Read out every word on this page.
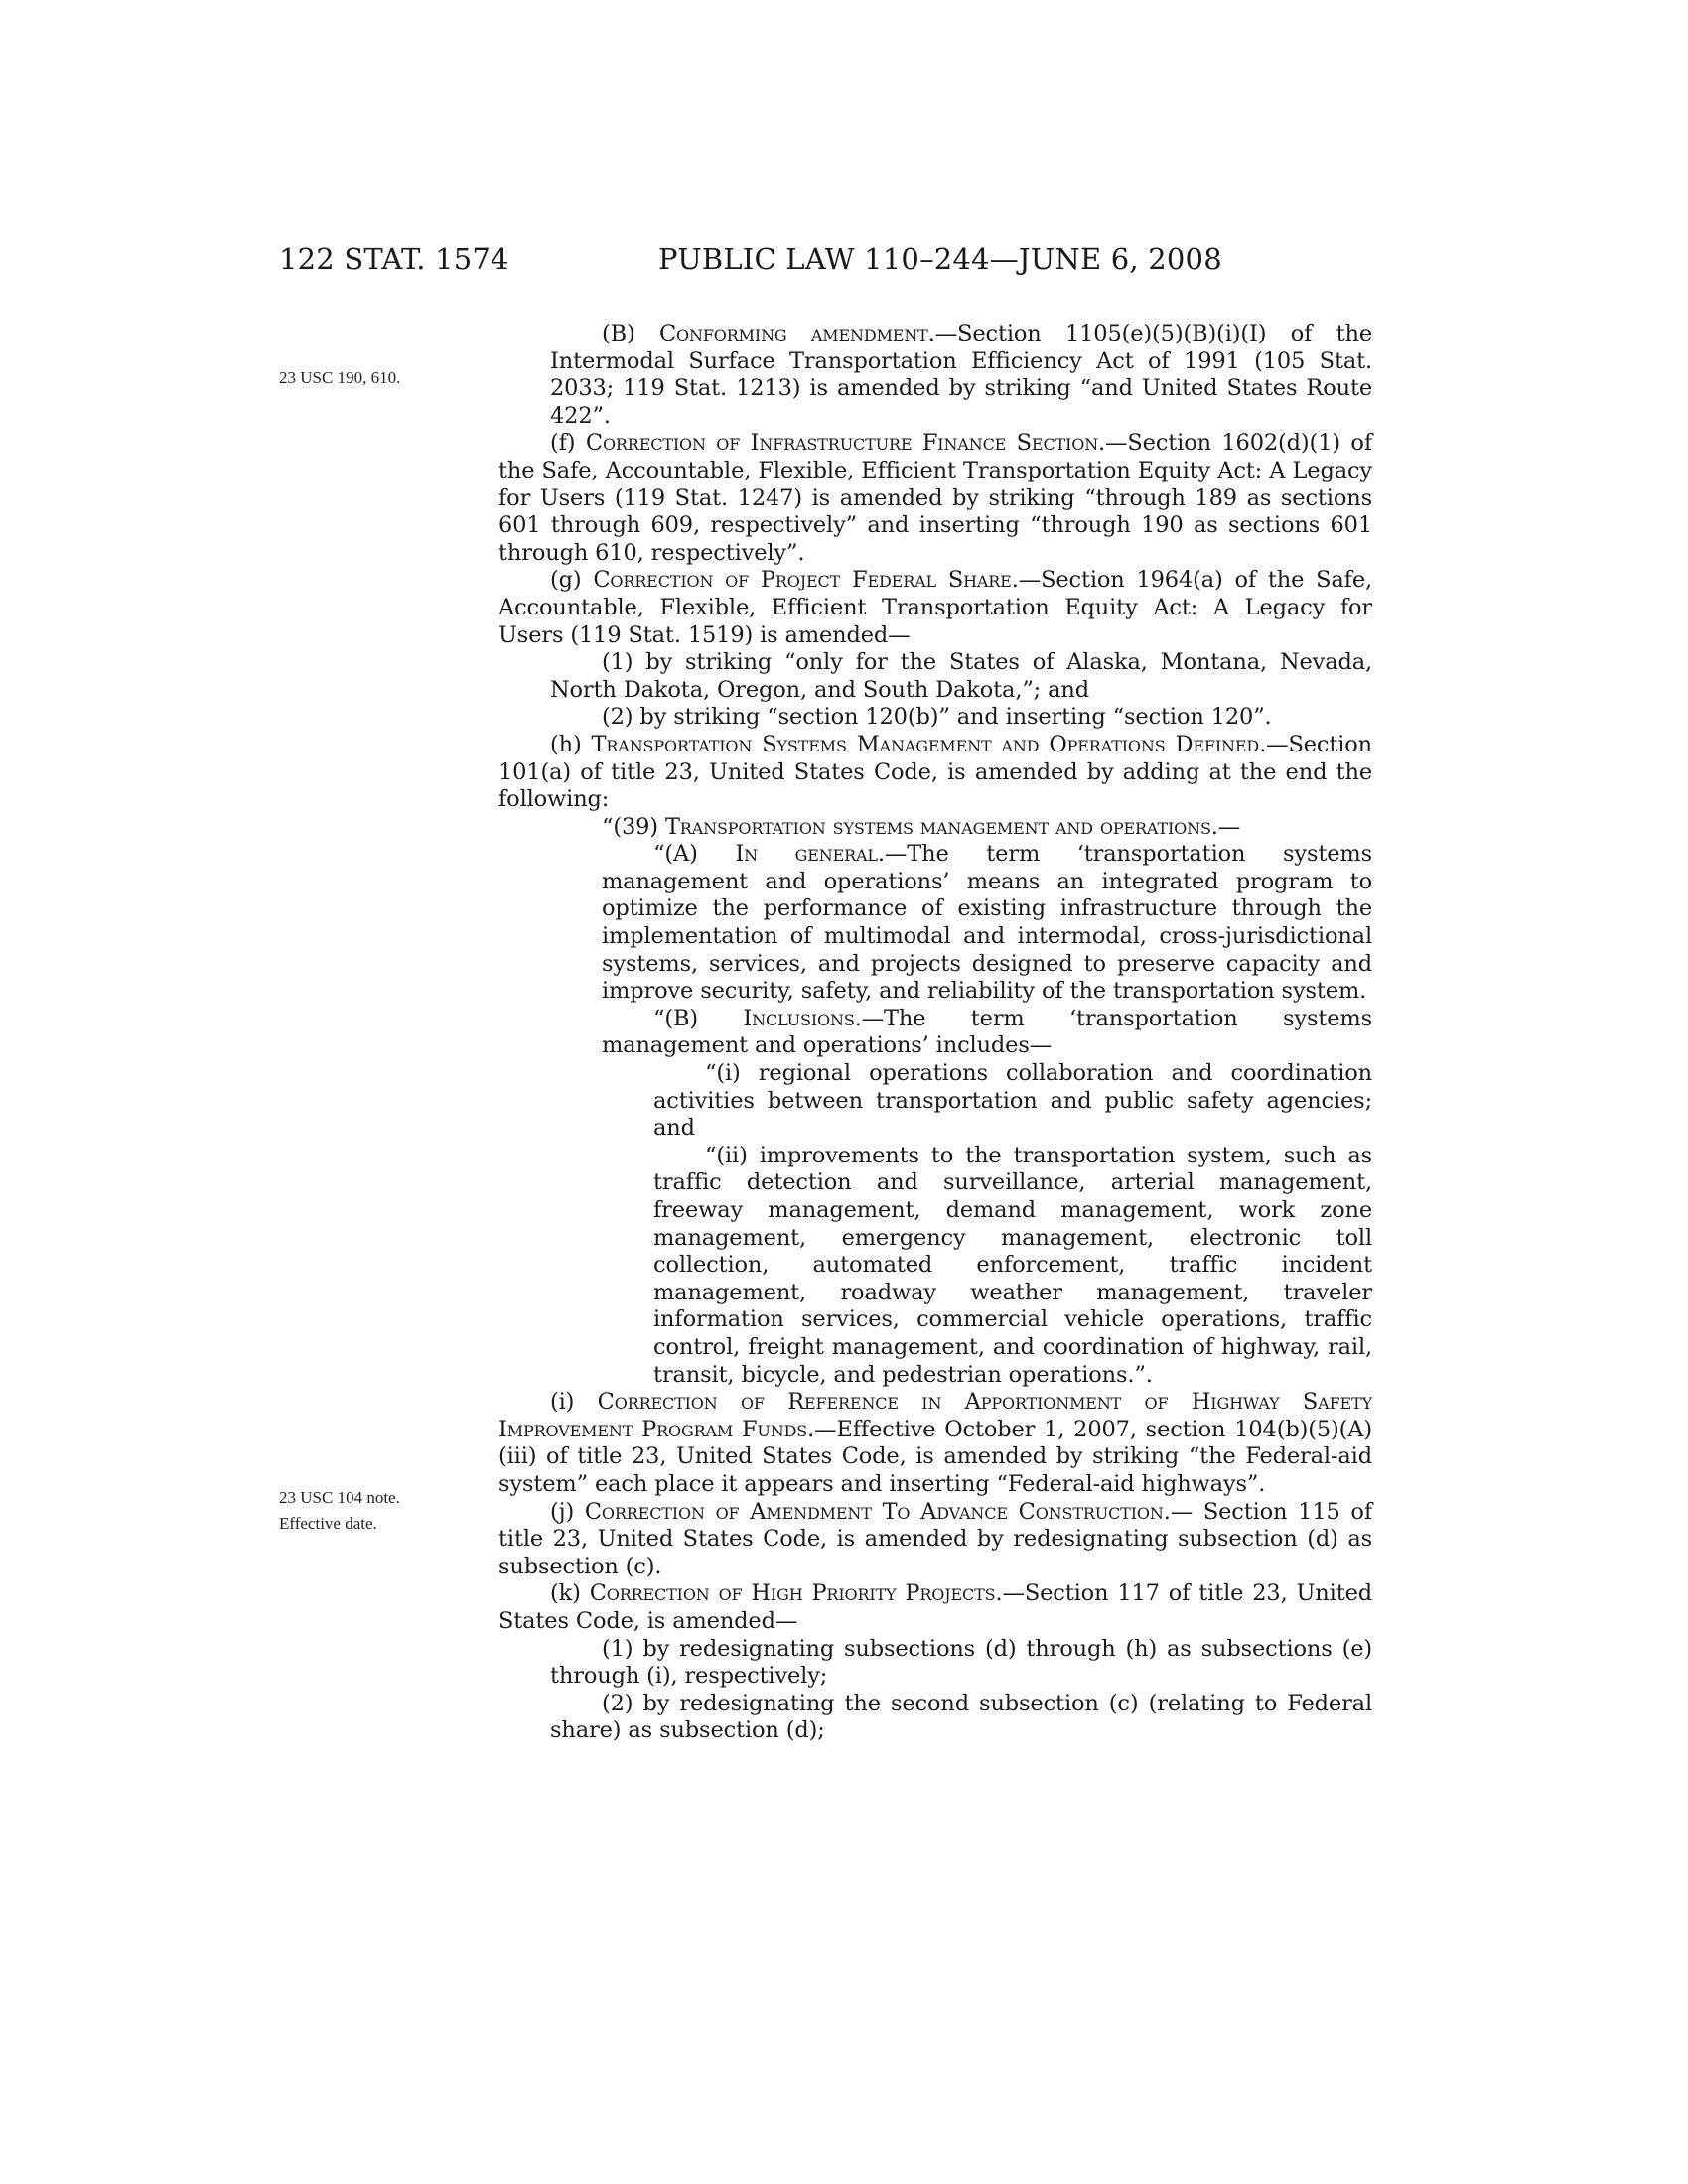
122 STAT. 1574	PUBLIC LAW 110–244—JUNE 6, 2008
23 USC 190, 610.
23 USC 104 note.
Effective date.

(B) Conforming amendment.—Section 1105(e)(5)(B)(i)(I) of the Intermodal Surface Transportation Efficiency Act of 1991 (105 Stat. 2033; 119 Stat. 1213) is amended by striking “and United States Route 422”.

(f) Correction of Infrastructure Finance Section.—Section 1602(d)(1) of the Safe, Accountable, Flexible, Efficient Transportation Equity Act: A Legacy for Users (119 Stat. 1247) is amended by striking “through 189 as sections 601 through 609, respectively” and inserting “through 190 as sections 601 through 610, respectively”.

(g) Correction of Project Federal Share.—Section 1964(a) of the Safe, Accountable, Flexible, Efficient Transportation Equity Act: A Legacy for Users (119 Stat. 1519) is amended—

(1) by striking “only for the States of Alaska, Montana, Nevada, North Dakota, Oregon, and South Dakota,”; and

(2) by striking “section 120(b)” and inserting “section 120”.

(h) Transportation Systems Management and Operations Defined.—Section 101(a) of title 23, United States Code, is amended by adding at the end the following:

“(39) Transportation systems management and operations.—

“(A) In general.—The term ‘transportation systems management and operations’ means an integrated program to optimize the performance of existing infrastructure through the implementation of multimodal and intermodal, cross-jurisdictional systems, services, and projects designed to preserve capacity and improve security, safety, and reliability of the transportation system.

“(B) Inclusions.—The term ‘transportation systems management and operations’ includes—

“(i) regional operations collaboration and coordination activities between transportation and public safety agencies; and

“(ii) improvements to the transportation system, such as traffic detection and surveillance, arterial management, freeway management, demand management, work zone management, emergency management, electronic toll collection, automated enforcement, traffic incident management, roadway weather management, traveler information services, commercial vehicle operations, traffic control, freight management, and coordination of highway, rail, transit, bicycle, and pedestrian operations.”.

(i) Correction of Reference in Apportionment of Highway Safety Improvement Program Funds.—Effective October 1, 2007, section 104(b)(5)(A)(iii) of title 23, United States Code, is amended by striking “the Federal-aid system” each place it appears and inserting “Federal-aid highways”.

(j) Correction of Amendment To Advance Construction.— Section 115 of title 23, United States Code, is amended by redesignating subsection (d) as subsection (c).

(k) Correction of High Priority Projects.—Section 117 of title 23, United States Code, is amended—

(1) by redesignating subsections (d) through (h) as subsections (e) through (i), respectively;

(2) by redesignating the second subsection (c) (relating to Federal share) as subsection (d);
